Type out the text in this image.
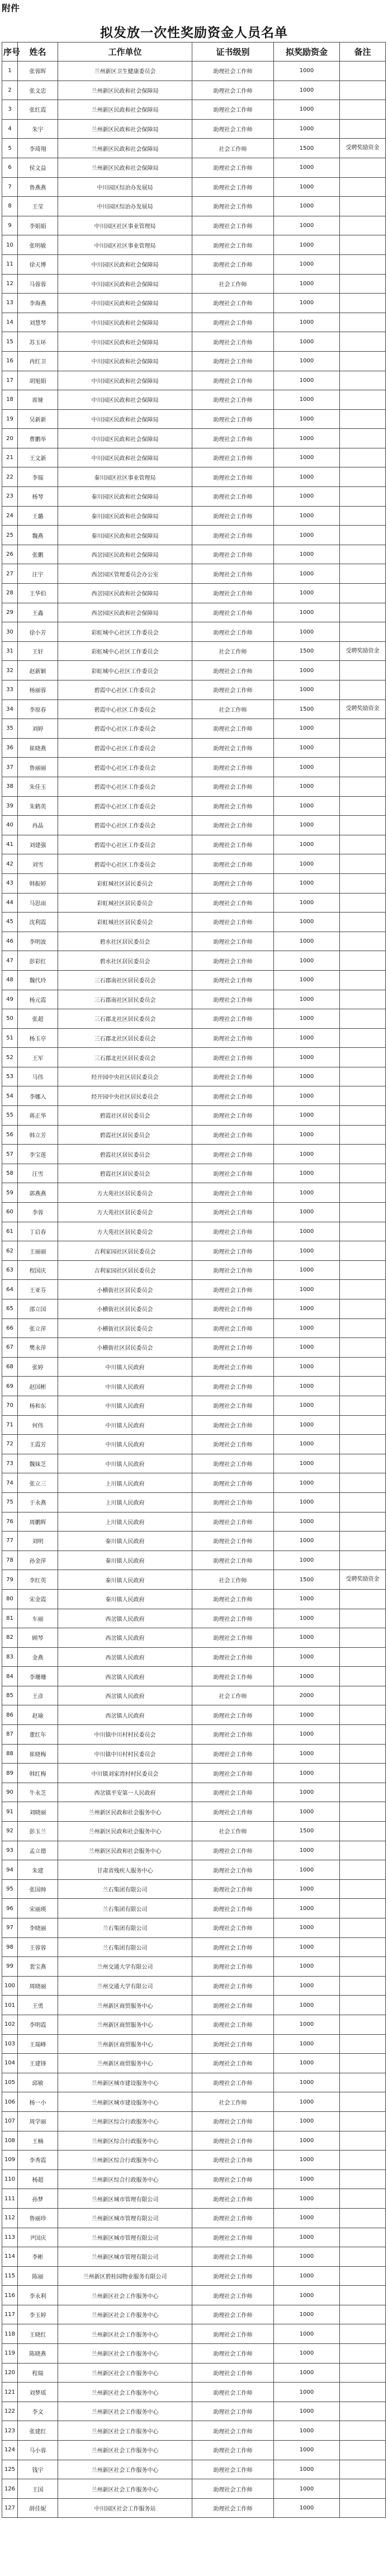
附件
拟发放一次性奖励资金人员名单
序号	姓名	工作单位	证书级别	拟奖励资金	备注
1	张蓉晖	兰州新区卫生健康委员会	助理社会工作师	1000	
2	张文忠	兰州新区民政和社会保障局	助理社会工作师	1000	
3	张红霞	兰州新区民政和社会保障局	助理社会工作师	1000	
4	朱宇	兰州新区民政和社会保障局	助理社会工作师	1000	
5	李琦翔	兰州新区民政和社会保障局	社会工作师	1500	受聘奖励资金
6	侯文益	兰州新区民政和社会保障局	助理社会工作师	1000	
7	鲁燕燕	中川园区综治办发展局	助理社会工作师	1000	
8	王莹	中川园区综治办发展局	助理社会工作师	1000	
9	李娟娟	中川园区社区事业管理局	助理社会工作师	1000	
10	张明敏	中川园区社区事业管理局	助理社会工作师	1000	
11	徐天博	中川园区民政和社会保障局	助理社会工作师	1000	
12	马蓉蓉	中川园区民政和社会保障局	社会工作师	1000	
13	李海燕	中川园区民政和社会保障局	助理社会工作师	1000	
14	刘慧琴	中川园区民政和社会保障局	助理社会工作师	1000	
15	苏玉环	中川园区民政和社会保障局	助理社会工作师	1000	
16	冉红卫	中川园区民政和社会保障局	助理社会工作师	1000	
17	胡旭娟	中川园区民政和社会保障局	助理社会工作师	1000	
18	席娅	中川园区民政和社会保障局	助理社会工作师	1000	
19	吴新新	中川园区民政和社会保障局	助理社会工作师	1000	
20	曹鹏举	中川园区民政和社会保障局	助理社会工作师	1000	
21	王文新	中川园区民政和社会保障局	助理社会工作师	1000	
22	李瑞	秦川园区社区事业管理局	助理社会工作师	1000	
23	杨琴	秦川园区民政和社会保障局	助理社会工作师	1000	
24	王璐	秦川园区民政和社会保障局	助理社会工作师	1000	
25	魏燕	秦川园区民政和社会保障局	助理社会工作师	1000	
26	张鹏	西岔园区民政和社会保障局	助理社会工作师	1000	
27	汪宇	西岔园区管理委员会办公室	助理社会工作师	1000	
28	王华伯	西岔园区民政和社会保障局	助理社会工作师	1000	
29	王鑫	西岔园区民政和社会保障局	助理社会工作师	1000	
30	徐小芳	彩虹城中心社区工作委员会	助理社会工作师	1000	
31	王轩	彩虹城中心社区工作委员会	社会工作师	1500	受聘奖励资金
32	赵新颖	彩虹城中心社区工作委员会	助理社会工作师	1000	
33	杨丽蓉	碧霞中心社区工作委员会	助理社会工作师	1000	
34	李原春	碧霞中心社区工作委员会	社会工作师	1500	受聘奖励资金
35	刘婷	碧霞中心社区工作委员会	助理社会工作师	1000	
36	崔晓燕	碧霞中心社区工作委员会	助理社会工作师	1000	
37	鲁丽丽	碧霞中心社区工作委员会	助理社会工作师	1000	
38	朱佳玉	碧霞中心社区工作委员会	助理社会工作师	1000	
39	朱鹤英	碧霞中心社区工作委员会	助理社会工作师	1000	
40	冉晶	碧霞中心社区工作委员会	助理社会工作师	1000	
41	刘建强	碧霞中心社区工作委员会	助理社会工作师	1000	
42	刘雪	碧霞中心社区工作委员会	助理社会工作师	1000	
43	韩振婷	彩虹城社区居民委员会	助理社会工作师	1000	
44	马思雨	彩虹城社区居民委员会	助理社会工作师	1000	
45	沈利霞	彩虹城社区居民委员会	助理社会工作师	1000	
46	李明波	碧水社区居民委员会	助理社会工作师	1000	
47	彭彩红	碧水社区居民委员会	助理社会工作师	1000	
48	魏代玲	三石郡南社区居民委员会	助理社会工作师	1000	
49	杨元霞	三石郡南社区居民委员会	助理社会工作师	1000	
50	张超	三石郡北社区居民委员会	助理社会工作师	1000	
51	杨玉亭	三石郡北社区居民委员会	助理社会工作师	1000	
52	王军	三石郡北社区居民委员会	助理社会工作师	1000	
53	马伟	经开园中央社区居民委员会	助理社会工作师	1000	
54	李娜入	经开园中央社区居民委员会	助理社会工作师	1000	
55	蒋正华	碧霞社区居民委员会	助理社会工作师	1000	
56	韩立芳	碧霞社区居民委员会	助理社会工作师	1000	
57	李宝莲	碧霞社区居民委员会	助理社会工作师	1000	
58	汪雪	碧霞社区居民委员会	助理社会工作师	1000	
59	郭燕燕	方大苑社区居民委员会	助理社会工作师	1000	
60	李蓉	方大苑社区居民委员会	助理社会工作师	1000	
61	丁启春	方大苑社区居民委员会	助理社会工作师	1000	
62	王丽丽	吉利家园社区居民委员会	助理社会工作师	1000	
63	程国庆	吉利家园社区居民委员会	助理社会工作师	1000	
64	王亚芬	小横街社区居民委员会	助理社会工作师	1000	
65	邵立国	小横街社区居民委员会	助理社会工作师	1000	
66	张立萍	小横街社区居民委员会	助理社会工作师	1000	
67	樊永萍	小横街社区居民委员会	助理社会工作师	1000	
68	张婷	中川镇人民政府	助理社会工作师	1000	
69	赵国彬	中川镇人民政府	助理社会工作师	1000	
70	杨和东	中川镇人民政府	助理社会工作师	1000	
71	何伟	中川镇人民政府	助理社会工作师	1000	
72	王霞芳	中川镇人民政府	助理社会工作师	1000	
73	魏妹芝	中川镇人民政府	助理社会工作师	1000	
74	张立三	上川镇人民政府	助理社会工作师	1000	
75	于永燕	上川镇人民政府	助理社会工作师	1000	
76	周鹏辉	上川镇人民政府	助理社会工作师	1000	
77	刘明	秦川镇人民政府	助理社会工作师	1000	
78	孙金萍	秦川镇人民政府	助理社会工作师	1000	
79	李红英	秦川镇人民政府	社会工作师	1500	受聘奖励资金
80	宋金霞	秦川镇人民政府	助理社会工作师	1000	
81	车丽	西岔镇人民政府	助理社会工作师	1000	
82	顾琴	西岔镇人民政府	助理社会工作师	1000	
83	金燕	西岔镇人民政府	助理社会工作师	1000	
84	李珊珊	西岔镇人民政府	助理社会工作师	1000	
85	王彦	西岔镇人民政府	社会工作师	2000	
86	赵瑜	西岔镇人民政府	助理社会工作师	1000	
87	董红年	中川镇中川村村民委员会	助理社会工作师	1000	
88	崔晓梅	中川镇中川村村民委员会	助理社会工作师	1000	
89	韩红梅	中川镇刘家湾村村民委员会	助理社会工作师	1000	
90	牛永芝	西岔镇平安第一人民政府	助理社会工作师	1000	
91	刘晓丽	兰州新区民政和社会服务中心	助理社会工作师	1000	
92	彭玉兰	兰州新区民政和社会服务中心	社会工作师	1500	
93	孟立德	兰州新区民政和社会服务中心	助理社会工作师	1000	
94	朱建	甘肃省残疾人服务中心	助理社会工作师	1000	
95	张国帅	兰石集团有限公司	助理社会工作师	1000	
96	宋丽瑛	兰石集团有限公司	助理社会工作师	1000	
97	李晓丽	兰石集团有限公司	助理社会工作师	1000	
98	王蓉蓉	兰石集团有限公司	助理社会工作师	1000	
99	裴宝燕	兰州交通大学有限公司	助理社会工作师	1000	
100	周晓丽	兰州交通大学有限公司	助理社会工作师	1000	
101	王勇	兰州新区商贸服务中心	助理社会工作师	1000	
102	李明霞	兰州新区商贸服务中心	助理社会工作师	1000	
103	王瑞峰	兰州新区商贸服务中心	助理社会工作师	1000	
104	王建锋	兰州新区商贸服务中心	助理社会工作师	1000	
105	邱敏	兰州新区城市建设服务中心	助理社会工作师	1000	
106	杨一小	兰州新区城市建设服务中心	社会工作师	1000	
107	周学丽	兰州新区综合行政服务中心	助理社会工作师	1000	
108	王楠	兰州新区综合行政服务中心	助理社会工作师	1000	
109	李秀霞	兰州新区综合行政服务中心	助理社会工作师	1000	
110	杨超	兰州新区综合行政服务中心	助理社会工作师	1000	
111	孙梦	兰州新区城市管理有限公司	助理社会工作师	1000	
112	鲁丽珍	兰州新区城市管理有限公司	助理社会工作师	1000	
113	尹国庆	兰州新区城市管理有限公司	助理社会工作师	1000	
114	李彬	兰州新区城市管理有限公司	助理社会工作师	1000	
115	陈丽	兰州新区碧桂园物业服务有限公司	助理社会工作师	1000	
116	李永利	兰州新区社会工作服务中心	助理社会工作师	1000	
117	李玉婷	兰州新区社会工作服务中心	助理社会工作师	1000	
118	王晓红	兰州新区社会工作服务中心	助理社会工作师	1000	
119	陈晓燕	兰州新区社会工作服务中心	助理社会工作师	1000	
120	程瑞	兰州新区社会工作服务中心	助理社会工作师	1000	
121	刘梦瑶	兰州新区社会工作服务中心	助理社会工作师	1000	
122	李文	兰州新区社会工作服务中心	助理社会工作师	1000	
123	张建红	兰州新区社会工作服务中心	助理社会工作师	1000	
124	马小蓉	兰州新区社会工作服务中心	助理社会工作师	1000	
125	钱宇	兰州新区社会工作服务中心	助理社会工作师	1000	
126	王国	兰州新区社会工作服务中心	助理社会工作师	1000	
127	薛佳妮	中川园区社会工作服务站	助理社会工作师	1000	
